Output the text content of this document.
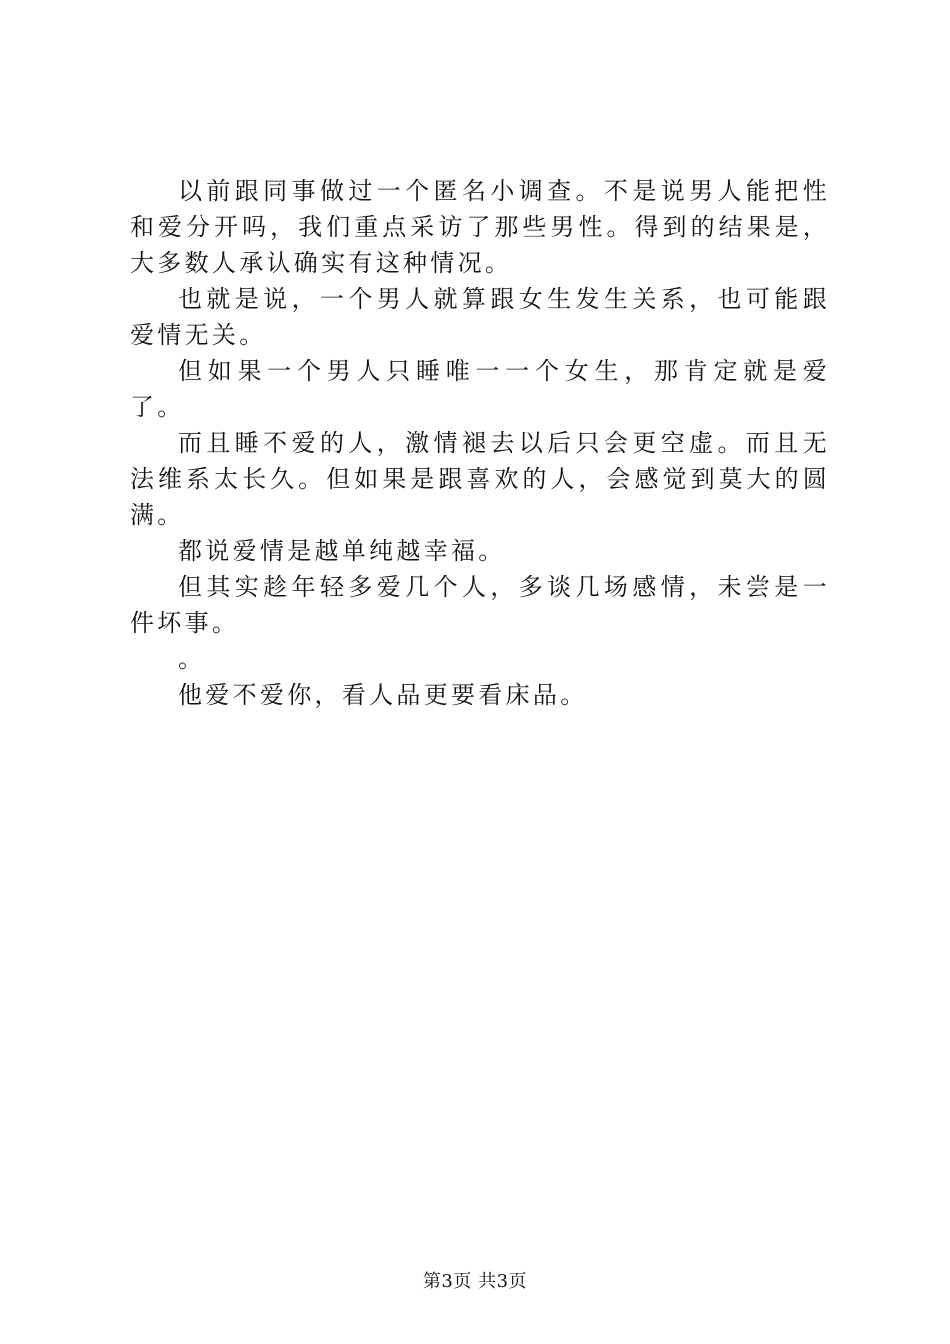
以前跟同事做过一个匿名小调查。不是说男人能把性和爱分开吗，我们重点采访了那些男性。得到的结果是，大多数人承认确实有这种情况。

也就是说，一个男人就算跟女生发生关系，也可能跟爱情无关。

但如果一个男人只睡唯一一个女生，那肯定就是爱了。

而且睡不爱的人，激情褪去以后只会更空虚。而且无法维系太长久。但如果是跟喜欢的人，会感觉到莫大的圆满。

都说爱情是越单纯越幸福。

但其实趁年轻多爱几个人，多谈几场感情，未尝是一件坏事。

。

他爱不爱你，看人品更要看床品。

第3页 共3页
